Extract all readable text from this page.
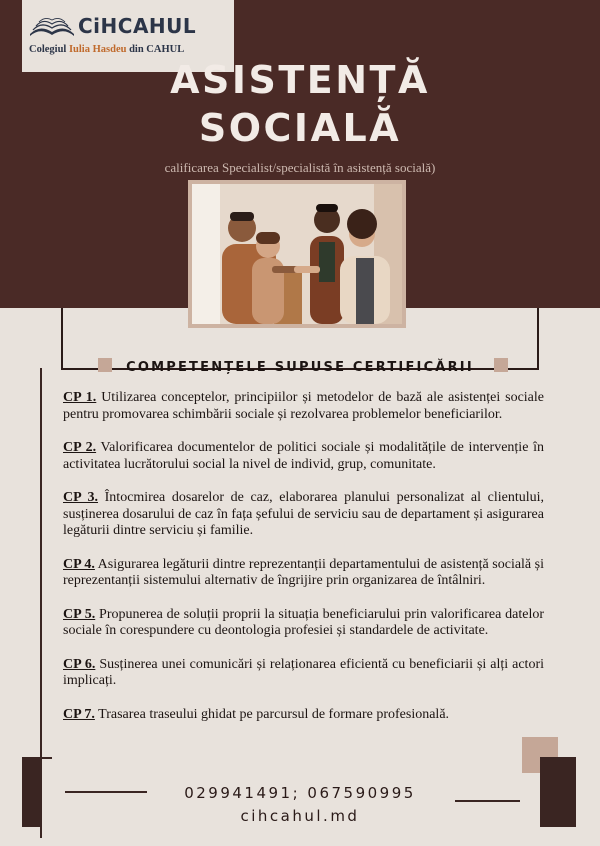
CiHCAHUL
Colegiul Iulia Hasdeu din CAHUL
ASISTENȚĂ
SOCIALĂ

calificarea Specialist/specialistă în asistență socială)

COMPETENȚELE SUPUSE CERTIFICĂRII

CP 1. Utilizarea conceptelor, principiilor și metodelor de bază ale asistenței sociale pentru promovarea schimbării sociale și rezolvarea problemelor beneficiarilor.

CP 2. Valorificarea documentelor de politici sociale și modalitățile de intervenție în activitatea lucrătorului social la nivel de individ, grup, comunitate.

CP 3. Întocmirea dosarelor de caz, elaborarea planului personalizat al clientului, susținerea dosarului de caz în fața șefului de serviciu sau de departament și asigurarea legăturii dintre serviciu și familie.

CP 4. Asigurarea legăturii dintre reprezentanții departamentului de asistență socială și reprezentanții sistemului alternativ de îngrijire prin organizarea de întâlniri.

CP 5. Propunerea de soluții proprii la situația beneficiarului prin valorificarea datelor sociale în corespundere cu deontologia profesiei și standardele de activitate.

CP 6. Susținerea unei comunicări și relaționarea eficientă cu beneficiarii și alți actori implicați.

CP 7. Trasarea traseului ghidat pe parcursul de formare profesională.

029941491; 067590995
cihcahul.md
